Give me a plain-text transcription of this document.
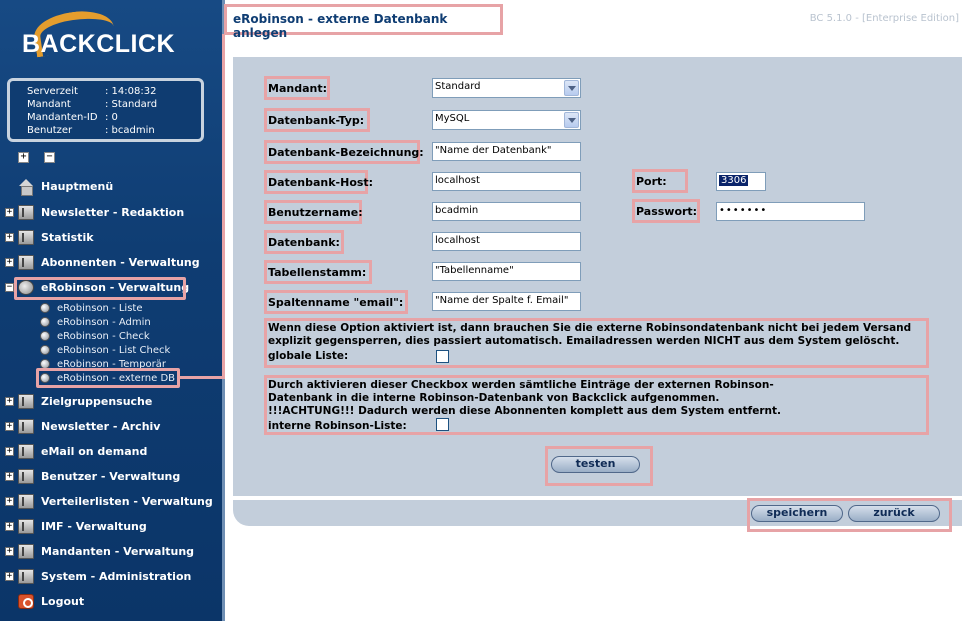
BACKCLICK
Serverzeit	: 14:08:32
Mandant	: Standard
Mandanten-ID : 0
Benutzer	: bcadmin
+ −
Hauptmenü
+	Newsletter - Redaktion
+	Statistik
+	Abonnenten - Verwaltung
−	eRobinson - Verwaltung
eRobinson - Liste
eRobinson - Admin
eRobinson - Check
eRobinson - List Check
eRobinson - Temporär
eRobinson - externe DB
+	Zielgruppensuche
+	Newsletter - Archiv
+	eMail on demand
+	Benutzer - Verwaltung
+	Verteilerlisten - Verwaltung
+	IMF - Verwaltung
+	Mandanten - Verwaltung
+	System - Administration
Logout
eRobinson - externe Datenbank anlegen
BC 5.1.0 - [Enterprise Edition]
Mandant:	Standard
Datenbank-Typ:	MySQL
Datenbank-Bezeichnung:	"Name der Datenbank"
Datenbank-Host:	localhost	Port:	3306
Benutzername:	bcadmin	Passwort:	•••••••
Datenbank:	localhost
Tabellenstamm:	"Tabellenname"
Spaltenname "email":	"Name der Spalte f. Email"
Wenn diese Option aktiviert ist, dann brauchen Sie die externe Robinsondatenbank nicht bei jedem Versand explizit gegensperren, dies passiert automatisch. Emailadressen werden NICHT aus dem System gelöscht.
globale Liste:
Durch aktivieren dieser Checkbox werden sämtliche Einträge der externen Robinson-Datenbank in die interne Robinson-Datenbank von Backclick aufgenommen.
!!!ACHTUNG!!! Dadurch werden diese Abonnenten komplett aus dem System entfernt.
interne Robinson-Liste:
testen
speichern	zurück
